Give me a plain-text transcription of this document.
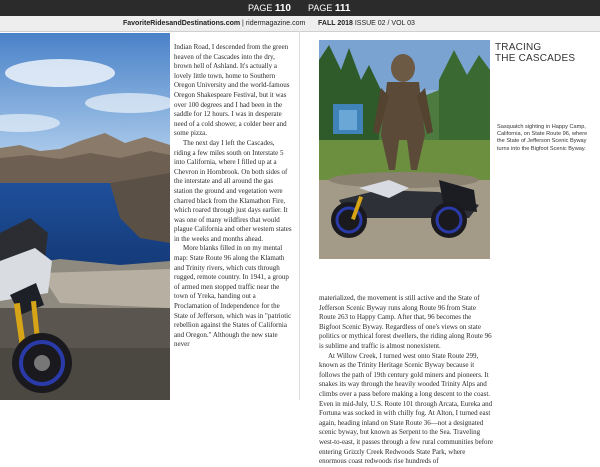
PAGE 110 PAGE 111
FavoriteRidesandDestinations.com | ridermagazine.com FALL 2018 ISSUE 02 / VOL 03
TRACING
THE CASCADES
Sasquatch sighting in Happy Camp, California, on State Route 96, where the State of Jefferson Scenic Byway turns into the Bigfoot Scenic Byway.

Indian Road, I descended from the green heaven of the Cascades into the dry, brown hell of Ashland. It's actually a lovely little town, home to Southern Oregon University and the world-famous Oregon Shakespeare Festival, but it was over 100 degrees and I had been in the saddle for 12 hours. I was in desperate need of a cold shower, a colder beer and some pizza.

The next day I left the Cascades, riding a few miles south on Interstate 5 into California, where I filled up at a Chevron in Hornbrook. On both sides of the interstate and all around the gas station the ground and vegetation were charred black from the Klamathon Fire, which roared through just days earlier. It was one of many wildfires that would plague California and other western states in the weeks and months ahead.

More blanks filled in on my mental map: State Route 96 along the Klamath and Trinity rivers, which cuts through rugged, remote country. In 1941, a group of armed men stopped traffic near the town of Yreka, handing out a Proclamation of Independence for the State of Jefferson, which was in "patriotic rebellion against the States of California and Oregon." Although the new state never

materialized, the movement is still active and the State of Jefferson Scenic Byway runs along Route 96 from State Route 263 to Happy Camp. After that, 96 becomes the Bigfoot Scenic Byway. Regardless of one's views on state politics or mythical forest dwellers, the riding along Route 96 is sublime and traffic is almost nonexistent.

At Willow Creek, I turned west onto State Route 299, known as the Trinity Heritage Scenic Byway because it follows the path of 19th century gold miners and pioneers. It snakes its way through the heavily wooded Trinity Alps and climbs over a pass before making a long descent to the coast. Even in mid-July, U.S. Route 101 through Arcata, Eureka and Fortuna was socked in with chilly fog. At Alton, I turned east again, heading inland on State Route 36—not a designated scenic byway, but known as Serpent to the Sea. Traveling west-to-east, it passes through a few rural communities before entering Grizzly Creek Redwoods State Park, where enormous coast redwoods rise hundreds of
